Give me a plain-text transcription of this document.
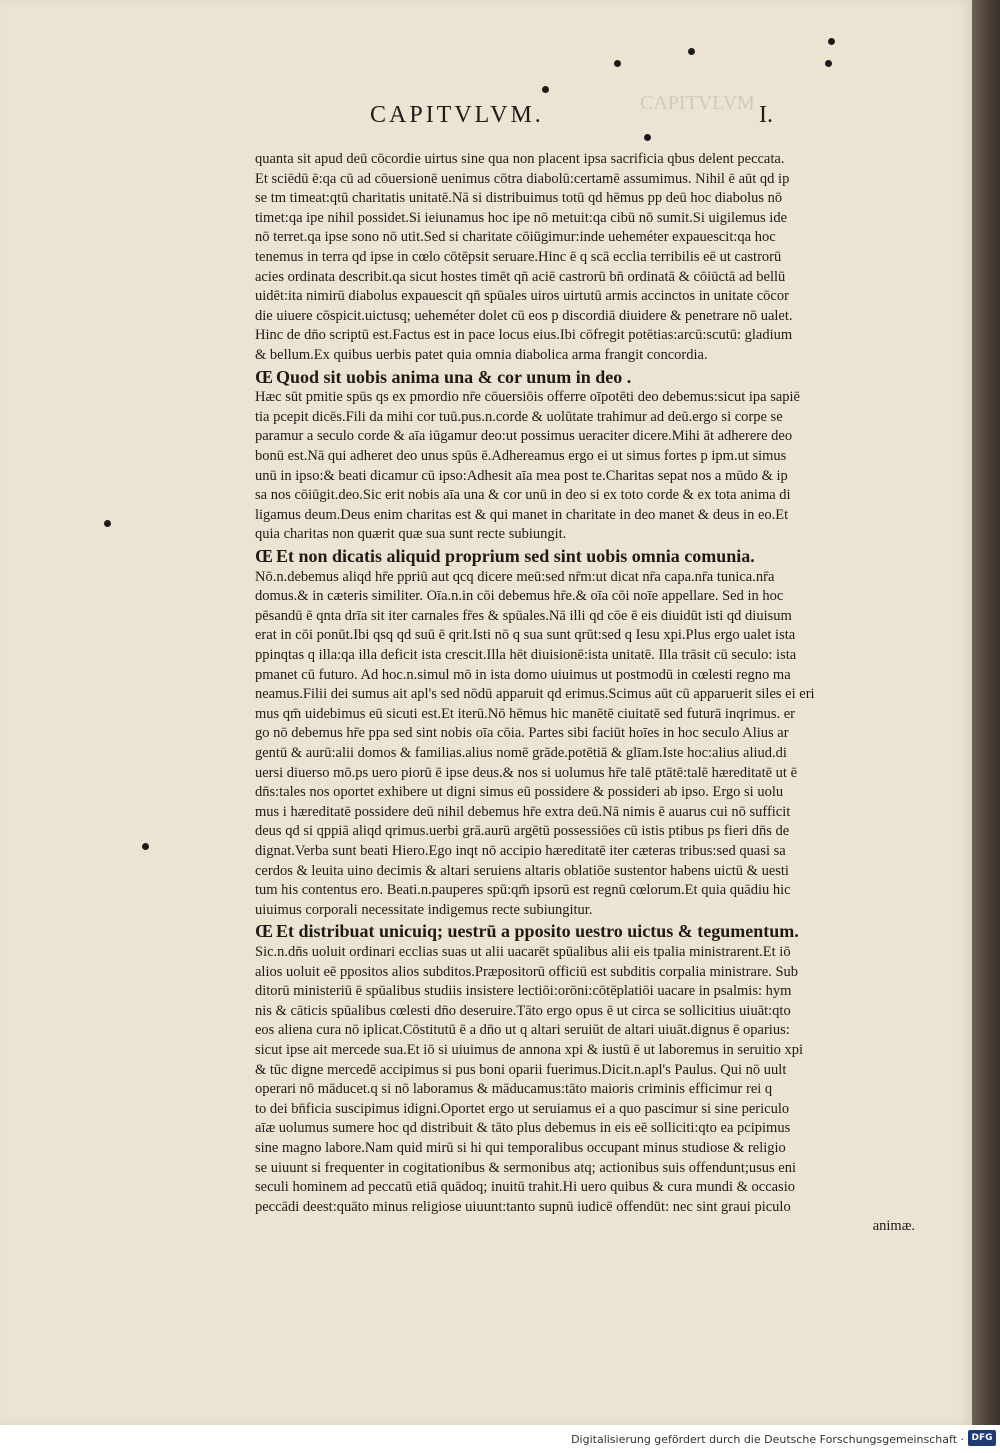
CAPITVLVM
CAPITVLVM.	I.
quanta sit apud deū cōcordie uirtus sine qua non placent ipsa sacrificia qbus delent peccata.
Et sciēdū ē:qa cū ad cōuersionē uenimus cōtra diabolū:certamē assumimus. Nihil ē aūt qd ip
se tm timeat:qtū charitatis unitatē.Nā si distribuimus totū qd hēmus pp deū hoc diabolus nō
timet:qa ipe nihil possidet.Si ieiunamus hoc ipe nō metuit:qa cibū nō sumit.Si uigilemus ide
nō terret.qa ipse sono nō utit.Sed si charitate cōiūgimur:inde ueheméter expauescit:qa hoc
tenemus in terra qd ipse in cœlo cōtēpsit seruare.Hinc ē q scā ecclia terribilis eē ut castrorū
acies ordinata describit.qa sicut hostes timēt qn̄ aciē castrorū bn̄ ordinatā & cōiūctā ad bellū
uidēt:ita nimirū diabolus expauescit qn̄ spūales uiros uirtutū armis accinctos in unitate cōcor
die uiuere cōspicit.uictusq; ueheméter dolet cū eos p discordiā diuidere & penetrare nō ualet.
Hinc de dn̄o scriptū est.Factus est in pace locus eius.Ibi cōfregit potētias:arcū:scutū: gladium
& bellum.Ex quibus uerbis patet quia omnia diabolica arma frangit concordia.
Œ Quod sit uobis anima una & cor unum in deo .
Hæc sūt pmitie spūs qs ex pmordio nr̄e cōuersiōis offerre oīpotēti deo debemus:sicut ipa sapiē
tia pcepit dicēs.Fili da mihi cor tuū.pus.n.corde & uolūtate trahimur ad deū.ergo si corpe se
paramur a seculo corde & aīa iūgamur deo:ut possimus ueraciter dicere.Mihi āt adherere deo
bonū est.Nā qui adheret deo unus spūs ē.Adhereamus ergo ei ut simus fortes p ipm.ut simus
unū in ipso:& beati dicamur cū ipso:Adhesit aīa mea post te.Charitas sepat nos a mūdo & ip
sa nos cōiūgit.deo.Sic erit nobis aīa una & cor unū in deo si ex toto corde & ex tota anima di
ligamus deum.Deus enim charitas est & qui manet in charitate in deo manet & deus in eo.Et
quia charitas non quærit quæ sua sunt recte subiungit.
Œ Et non dicatis aliquid proprium sed sint uobis omnia comunia.
Nō.n.debemus aliqd hr̄e ppriū aut qcq dicere meū:sed nr̄m:ut dicat nr̄a capa.nr̄a tunica.nr̄a
domus.& in cæteris similiter. Oīa.n.in cōi debemus hr̄e.& oīa cōi noīe appellare. Sed in hoc
pēsandū ē qnta drīa sit iter carnales fr̄es & spūales.Nā illi qd cōe ē eis diuidūt isti qd diuisum
erat in cōi ponūt.Ibi qsq qd suū ē qrit.Isti nō q sua sunt qrūt:sed q Iesu xpi.Plus ergo ualet ista
ppinqtas q illa:qa illa deficit ista crescit.Illa hēt diuisionē:ista unitatē. Illa trāsit cū seculo: ista
pmanet cū futuro. Ad hoc.n.simul mō in ista domo uiuimus ut postmodū in cœlesti regno ma
neamus.Filii dei sumus ait apl's sed nōdū apparuit qd erimus.Scimus aūt cū apparuerit siles ei eri
mus qm̄ uidebimus eū sicuti est.Et iterū.Nō hēmus hic manētē ciuitatē sed futurā inqrimus. er
go nō debemus hr̄e ppa sed sint nobis oīa cōia. Partes sibi faciūt hoīes in hoc seculo Alius ar
gentū & aurū:alii domos & familias.alius nomē grāde.potētiā & glīam.Iste hoc:alius aliud.di
uersi diuerso mō.ps uero piorū ē ipse deus.& nos si uolumus hr̄e talē ptātē:talē hæreditatē ut ē
dn̄s:tales nos oportet exhibere ut digni simus eū possidere & possideri ab ipso. Ergo si uolu
mus i hæreditatē possidere deū nihil debemus hr̄e extra deū.Nā nimis ē auarus cui nō sufficit
deus qd si qppiā aliqd qrimus.uerbi grā.aurū argētū possessiōes cū istis ptibus ps fieri dn̄s de
dignat.Verba sunt beati Hiero.Ego inqt nō accipio hæreditatē iter cæteras tribus:sed quasi sa
cerdos & leuita uino decimis & altari seruiens altaris oblatiōe sustentor habens uictū & uesti
tum his contentus ero. Beati.n.pauperes spū:qm̄ ipsorū est regnū cœlorum.Et quia quādiu hic
uiuimus corporali necessitate indigemus recte subiungitur.
Œ Et distribuat unicuiq; uestrū a pposito uestro uictus & tegumentum.
Sic.n.dn̄s uoluit ordinari ecclias suas ut alii uacarēt spūalibus alii eis tpalia ministrarent.Et iō
alios uoluit eē ppositos alios subditos.Præpositorū officiū est subditis corpalia ministrare. Sub
ditorū ministeriū ē spūalibus studiis insistere lectiōi:orōni:cōtēplatiōi uacare in psalmis: hym
nis & cāticis spūalibus cœlesti dn̄o deseruire.Tāto ergo opus ē ut circa se sollicitius uiuāt:qto
eos aliena cura nō iplicat.Cōstitutū ē a dn̄o ut q altari seruiūt de altari uiuāt.dignus ē oparius:
sicut ipse ait mercede sua.Et iō si uiuimus de annona xpi & iustū ē ut laboremus in seruitio xpi
& tūc digne mercedē accipimus si pus boni oparii fuerimus.Dicit.n.apl's Paulus. Qui nō uult
operari nō māducet.q si nō laboramus & māducamus:tāto maioris criminis efficimur rei q
to dei bn̄ficia suscipimus idigni.Oportet ergo ut seruiamus ei a quo pascimur si sine periculo
aīæ uolumus sumere hoc qd distribuit & tāto plus debemus in eis eē solliciti:qto ea pcipimus
sine magno labore.Nam quid mirū si hi qui temporalibus occupant minus studiose & religio
se uiuunt si frequenter in cogitationibus & sermonibus atq; actionibus suis offendunt;usus eni
seculi hominem ad peccatū etiā quādoq; inuitū trahit.Hi uero quibus & cura mundi & occasio
peccādi deest:quāto minus religiose uiuunt:tanto supnū iudicē offendūt: nec sint graui piculo
animæ.
Digitalisierung gefördert durch die Deutsche Forschungsgemeinschaft · DFG
